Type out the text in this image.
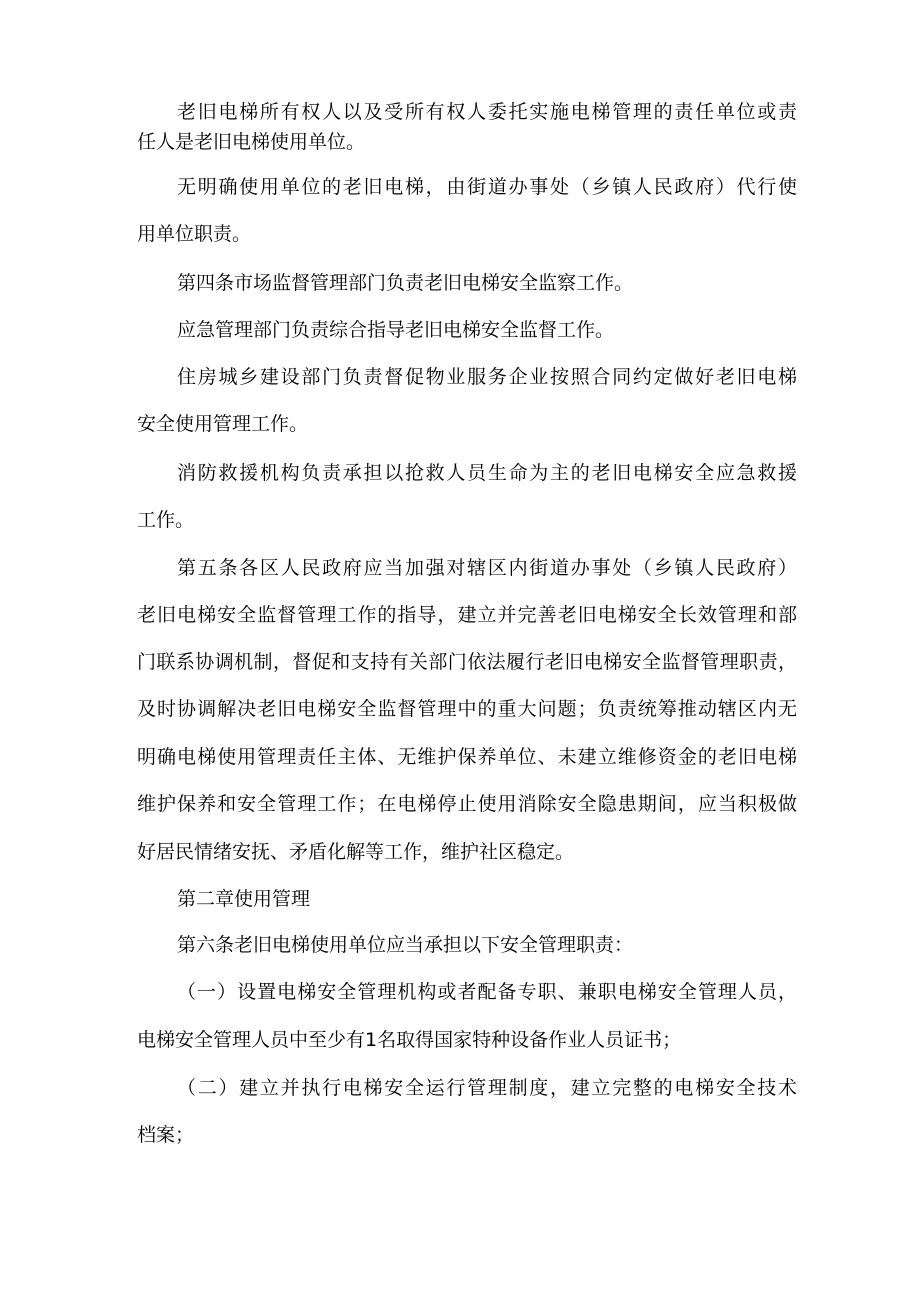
老旧电梯所有权人以及受所有权人委托实施电梯管理的责任单位或责
任人是老旧电梯使用单位。
无明确使用单位的老旧电梯，由街道办事处（乡镇人民政府）代行使
用单位职责。
第四条市场监督管理部门负责老旧电梯安全监察工作。
应急管理部门负责综合指导老旧电梯安全监督工作。
住房城乡建设部门负责督促物业服务企业按照合同约定做好老旧电梯
安全使用管理工作。
消防救援机构负责承担以抢救人员生命为主的老旧电梯安全应急救援
工作。
第五条各区人民政府应当加强对辖区内街道办事处（乡镇人民政府）
老旧电梯安全监督管理工作的指导，建立并完善老旧电梯安全长效管理和部
门联系协调机制，督促和支持有关部门依法履行老旧电梯安全监督管理职责，
及时协调解决老旧电梯安全监督管理中的重大问题；负责统筹推动辖区内无
明确电梯使用管理责任主体、无维护保养单位、未建立维修资金的老旧电梯
维护保养和安全管理工作；在电梯停止使用消除安全隐患期间，应当积极做
好居民情绪安抚、矛盾化解等工作，维护社区稳定。
第二章使用管理
第六条老旧电梯使用单位应当承担以下安全管理职责：
（一）设置电梯安全管理机构或者配备专职、兼职电梯安全管理人员，
电梯安全管理人员中至少有1名取得国家特种设备作业人员证书；
（二）建立并执行电梯安全运行管理制度，建立完整的电梯安全技术
档案；
